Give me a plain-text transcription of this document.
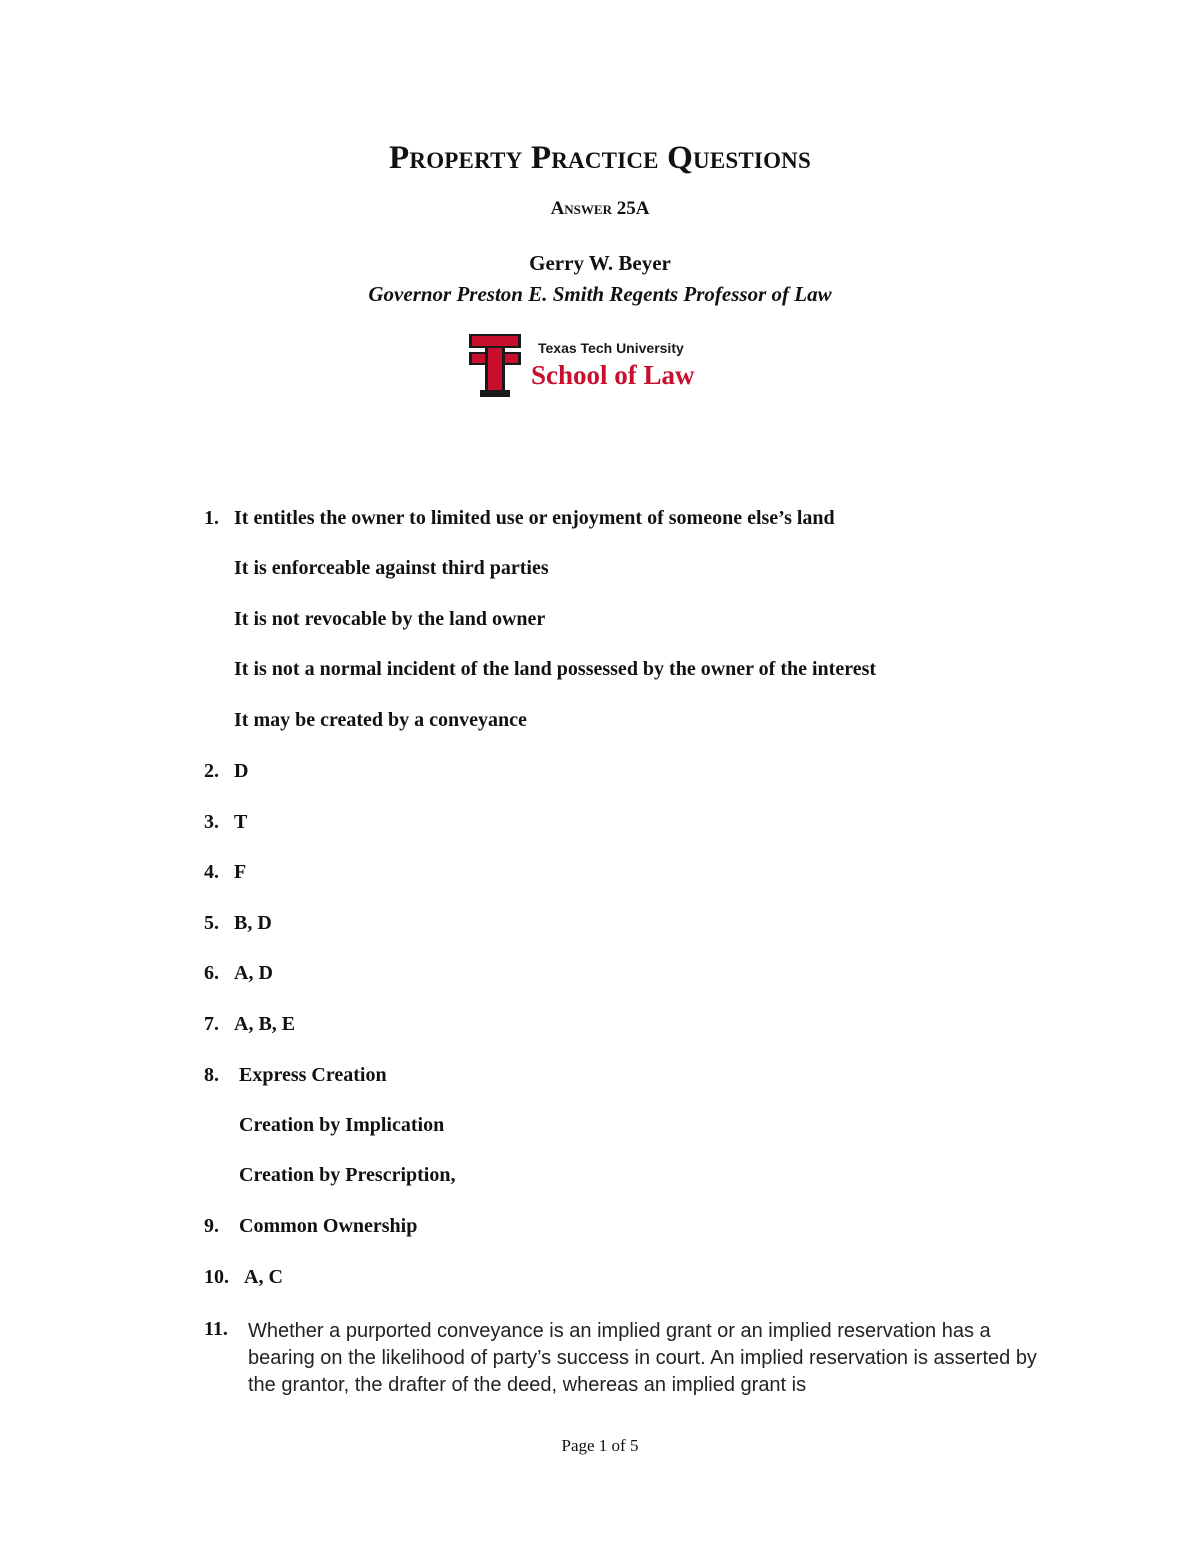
Property Practice Questions
Answer 25A
Gerry W. Beyer
Governor Preston E. Smith Regents Professor of Law
Texas Tech University
School of Law
1. It entitles the owner to limited use or enjoyment of someone else’s land
It is enforceable against third parties
It is not revocable by the land owner
It is not a normal incident of the land possessed by the owner of the interest
It may be created by a conveyance
2. D
3. T
4. F
5. B, D
6. A, D
7. A, B, E
8. Express Creation
Creation by Implication
Creation by Prescription,
9. Common Ownership
10. A, C
11. Whether a purported conveyance is an implied grant or an implied reservation has a bearing on the likelihood of party’s success in court. An implied reservation is asserted by the grantor, the drafter of the deed, whereas an implied grant is
Page 1 of 5
